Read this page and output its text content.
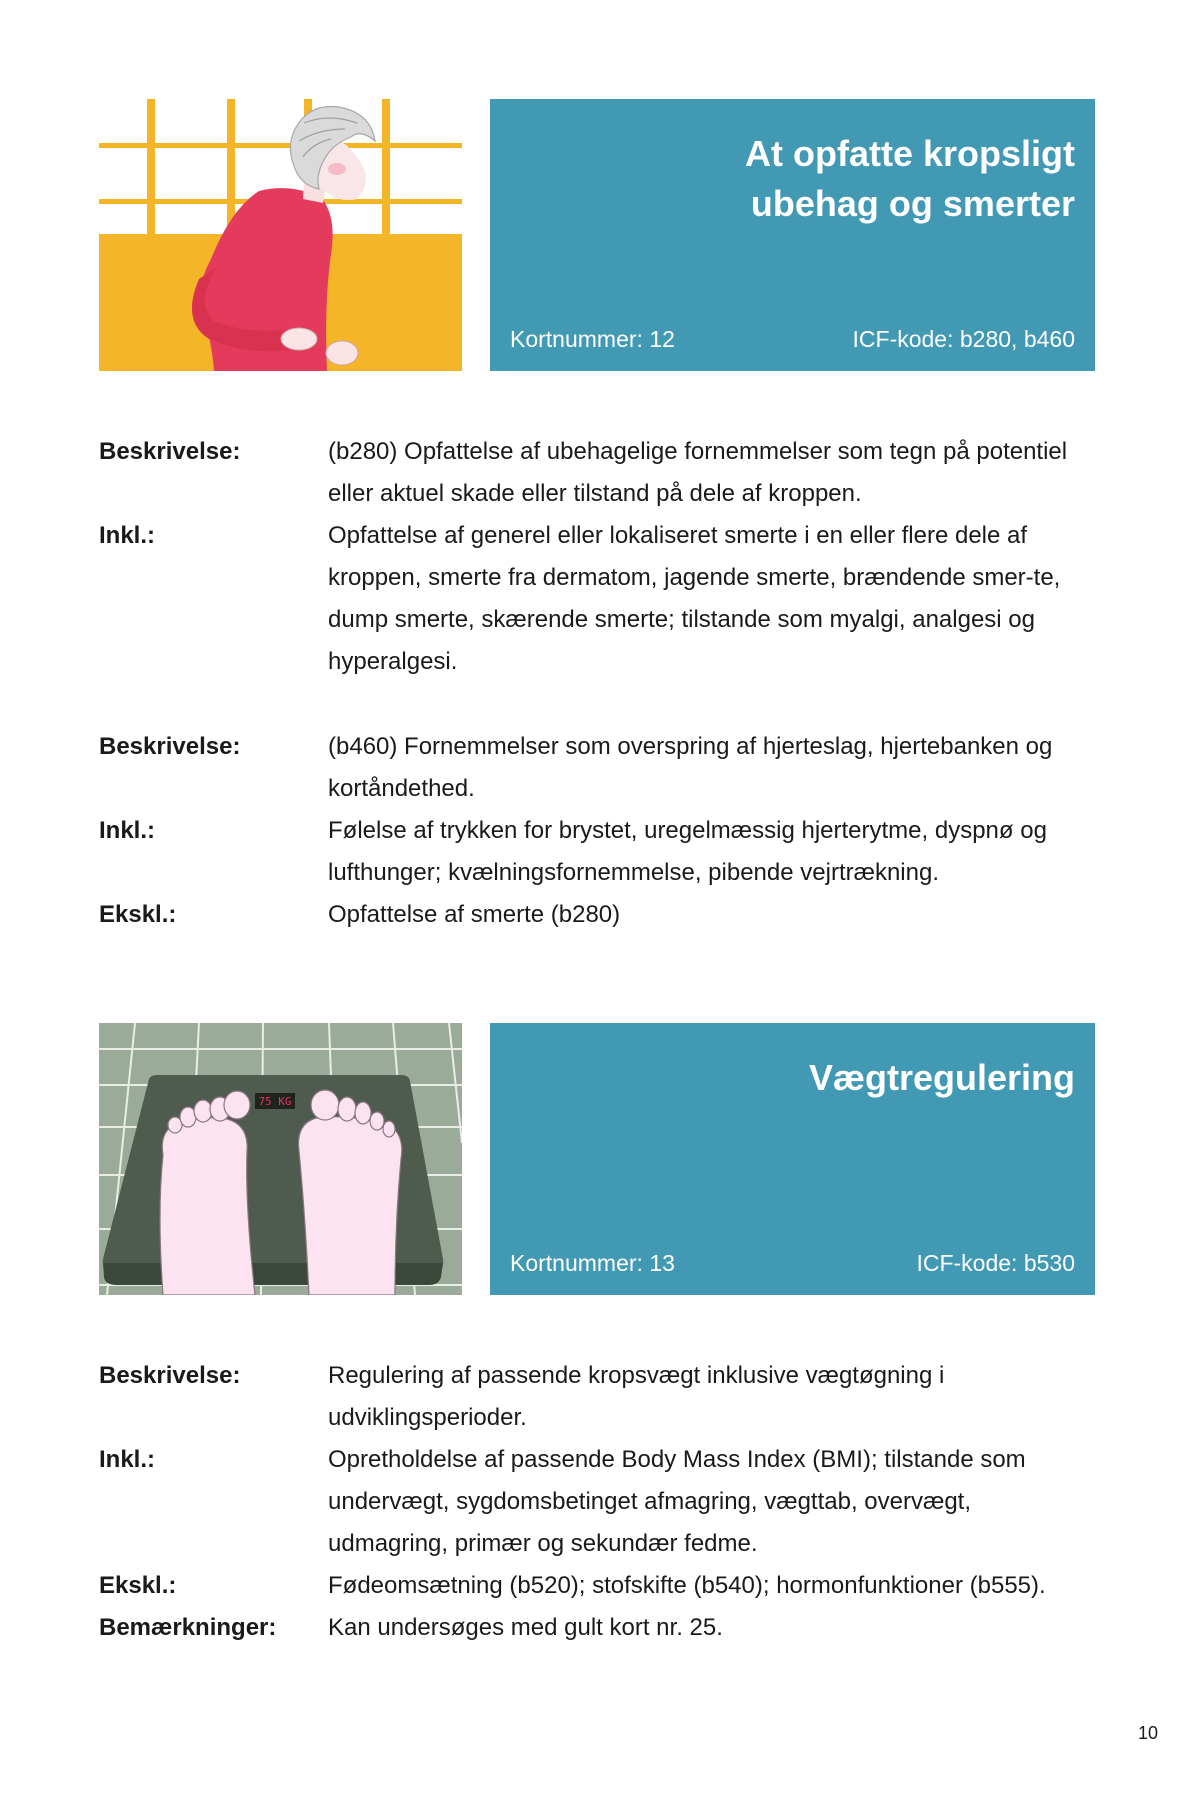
At opfatte kropsligt
ubehag og smerter
Kortnummer: 12	ICF-kode: b280, b460
Beskrivelse:	(b280) Opfattelse af ubehagelige fornemmelser som tegn på potentiel eller aktuel skade eller tilstand på dele af kroppen.
Inkl.:	Opfattelse af generel eller lokaliseret smerte i en eller flere dele af kroppen, smerte fra dermatom, jagende smerte, brændende smer-te, dump smerte, skærende smerte; tilstande som myalgi, analgesi og hyperalgesi.
Beskrivelse:	(b460) Fornemmelser som overspring af hjerteslag, hjertebanken og kortåndethed.
Inkl.:	Følelse af trykken for brystet, uregelmæssig hjerterytme, dyspnø og lufthunger; kvælningsfornemmelse, pibende vejrtrækning.
Ekskl.:	Opfattelse af smerte (b280)
75 KG
Vægtregulering
Kortnummer: 13	ICF-kode: b530
Beskrivelse:	Regulering af passende kropsvægt inklusive vægtøgning i udviklingsperioder.
Inkl.:	Opretholdelse af passende Body Mass Index (BMI); tilstande som undervægt, sygdomsbetinget afmagring, vægttab, overvægt, udmagring, primær og sekundær fedme.
Ekskl.:	Fødeomsætning (b520); stofskifte (b540); hormonfunktioner (b555).
Bemærkninger:	Kan undersøges med gult kort nr. 25.
10
